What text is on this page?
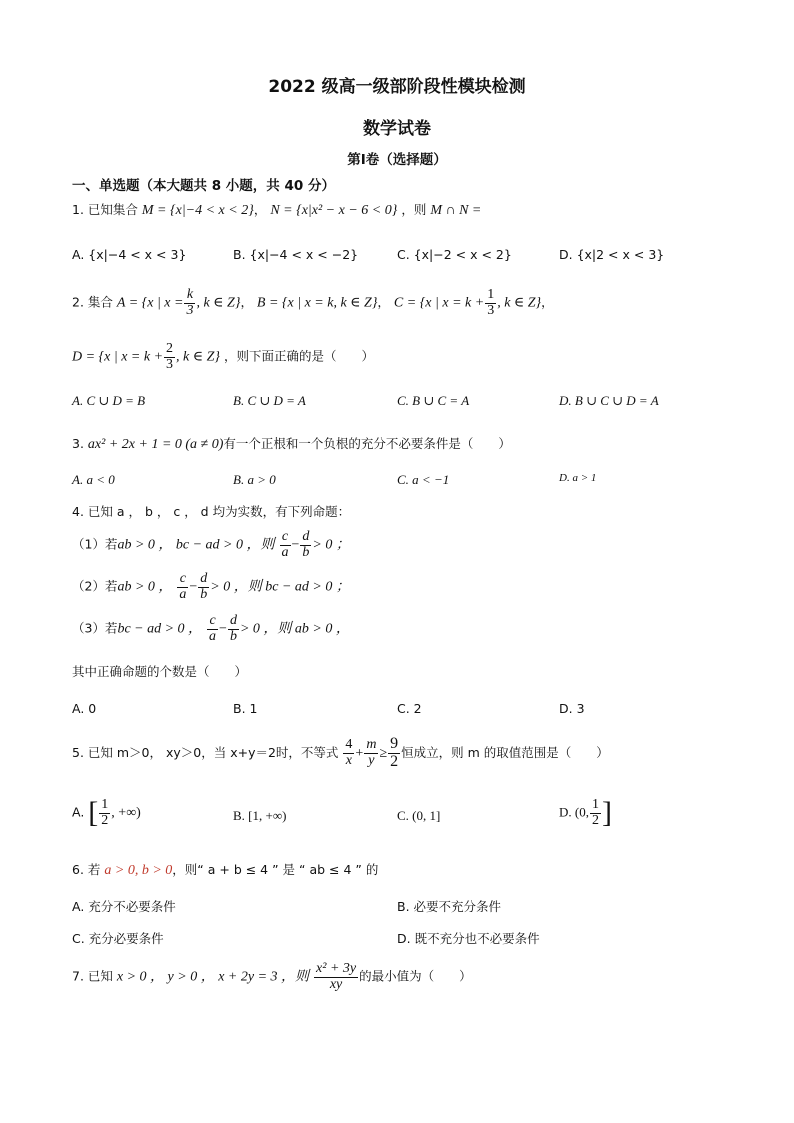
2022 级高一级部阶段性模块检测
数学试卷
第Ⅰ卷（选择题）
一、单选题（本大题共 8 小题，共 40 分）
1. 已知集合 M = {x|−4 < x < 2}， N = {x|x² − x − 6 < 0} ，则 M ∩ N =
A. {x|−4 < x < 3}	B. {x|−4 < x < −2}	C. {x|−2 < x < 2}	D. {x|2 < x < 3}
2. 集合 A = {x | $x = \frac{k}{3}$ , k ∈ Z}， B = {x | x = k, k ∈ Z}， C = {x | $x = k + \frac{1}{3}$ , k ∈ Z}，
D = {x | $x = k + \frac{2}{3}$ , k ∈ Z} ，则下面正确的是（　　）
A. C ∪ D = B	B. C ∪ D = A	C. B ∪ C = A	D. B ∪ C ∪ D = A
3. ax² + 2x + 1 = 0 (a ≠ 0)有一个正根和一个负根的充分不必要条件是（　　）
A. a < 0	B. a > 0	C. a < −1	D. a > 1
4. 已知 a ， b ， c ， d 均为实数，有下列命题：
（1）若ab > 0 ， bc − ad > 0 ，则 $\frac{c}{a} - \frac{d}{b} > 0$ ；
（2）若ab > 0 ， $\frac{c}{a} - \frac{d}{b} > 0$ ，则 bc − ad > 0 ；
（3）若bc − ad > 0 ， $\frac{c}{a} - \frac{d}{b} > 0$ ，则 ab > 0 ，
其中正确命题的个数是（　　）
A. 0	B. 1	C. 2	D. 3
5. 已知 m＞0， xy＞0，当 x+y＝2时，不等式 $\frac{4}{x} + \frac{m}{y} \ge \frac{9}{2}$ 恒成立，则 m 的取值范围是（　　）
A. [ $\frac{1}{2}$ , +∞)	B. [1, +∞)	C. (0, 1]	D. (0, $\frac{1}{2}$ ]
6. 若 a > 0, b > 0，则“ a + b ≤ 4 ” 是 “ ab ≤ 4 ” 的
A. 充分不必要条件	B. 必要不充分条件
C. 充分必要条件	D. 既不充分也不必要条件
7. 已知 x > 0 ， y > 0 ， x + 2y = 3 ，则 $\frac{\text{x² + 3y}}{xy}$ 的最小值为（　　）
